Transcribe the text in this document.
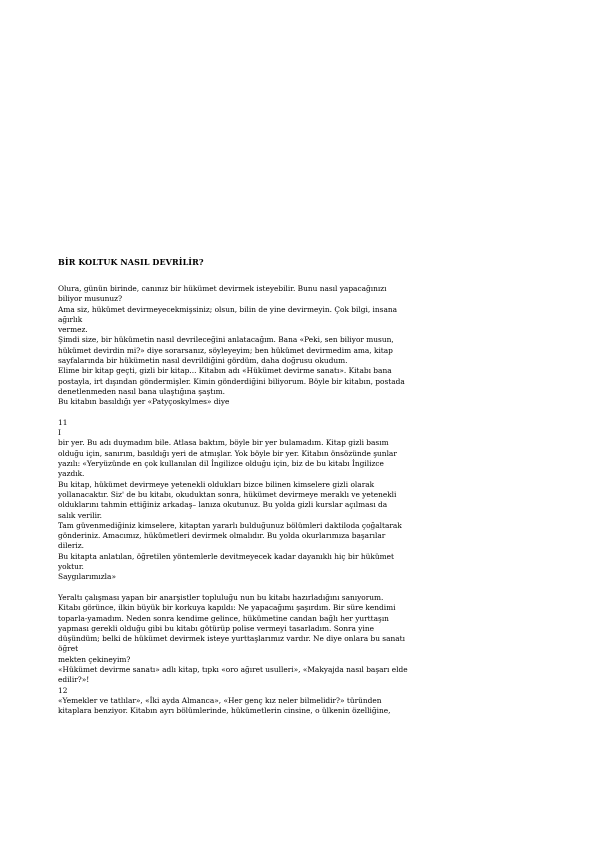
BİR KOLTUK NASIL DEVRİLİR?
Olura, günün birinde, canınız bir hükümet devirmek isteyebilir. Bunu nasıl yapacağınızı
biliyor musunuz?
Ama siz, hükümet devirmeyecekmişsiniz; olsun, bilin de yine devirmeyin. Çok bilgi, insana
ağırlık
vermez.
Şimdi size, bir hükümetin nasıl devrileceğini anlatacağım. Bana «Peki, sen biliyor musun,
hükümet devirdin mi?» diye sorarsanız, söyleyeyim; ben hükümet devirmedim ama, kitap
sayfalarında bir hükümetin nasıl devrildiğini gördüm, daha doğrusu okudum.
Elime bir kitap geçti, gizli bir kitap... Kitabın adı «Hükümet devirme sanatı». Kitabı bana
postayla, irt dışından göndermişler. Kimin gönderdiğini biliyorum. Böyle bir kitabın, postada
denetlenmeden nasıl bana ulaştığına şaştım.
Bu kitabın basıldığı yer «Patyçoskylmes» diye
11
I
bir yer. Bu adı duymadım bile. Atlasa baktım, böyle bir yer bulamadım. Kitap gizli basım
olduğu için, sanırım, basıldığı yeri de atmışlar. Yok böyle bir yer. Kitabın önsözünde şunlar
yazılı: «Yeryüzünde en çok kullanılan dil İngilizce olduğu için, biz de bu kitabı İngilizce
yazdık.
Bu kitap, hükümet devirmeye yetenekli oldukları bizce bilinen kimselere gizli olarak
yollanacaktır. Siz' de bu kitabı, okuduktan sonra, hükümet devirmeye meraklı ve yetenekli
olduklarını tahmin ettiğiniz arkadaş– lanıza okutunuz. Bu yolda gizli kurslar açılması da
salık verilir.
Tam güvenmediğiniz kimselere, kitaptan yararlı bulduğunuz bölümleri daktiloda çoğaltarak
gönderiniz. Amacımız, hükümetleri devirmek olmalıdır. Bu yolda okurlarımıza başarılar
dileriz.
Bu kitapta anlatılan, öğretilen yöntemlerle devitmeyecek kadar dayanıklı hiç bir hükümet
yoktur.
Saygılarımızla»
Yeraltı çalışması yapan bir anarşistler topluluğu nun bu kitabı hazırladığını sanıyorum.
Kitabı görünce, ilkin büyük bir korkuya kapıldı: Ne yapacağımı şaşırdım. Bir süre kendimi
toparla-yamadım. Neden sonra kendime gelince, hükümetine candan bağlı her yurttaşın
yapması gerekli olduğu gibi bu kitabı götürüp polise vermeyi tasarladım. Sonra yine
düşündüm; belki de hükümet devirmek isteye yurttaşlarımız vardır. Ne diye onlara bu sanatı
öğret
mekten çekineyim?
«Hükümet devirme sanatı» adlı kitap, tıpkı «oro ağıret usulleri», «Makyajda nasıl başarı elde
edilir?»!
12
«Yemekler ve tatlılar», «İki ayda Almanca», «Her genç kız neler bilmelidir?» türünden
kitaplara benziyor. Kitabın ayrı bölümlerinde, hükümetlerin cinsine, o ülkenin özelliğine,
